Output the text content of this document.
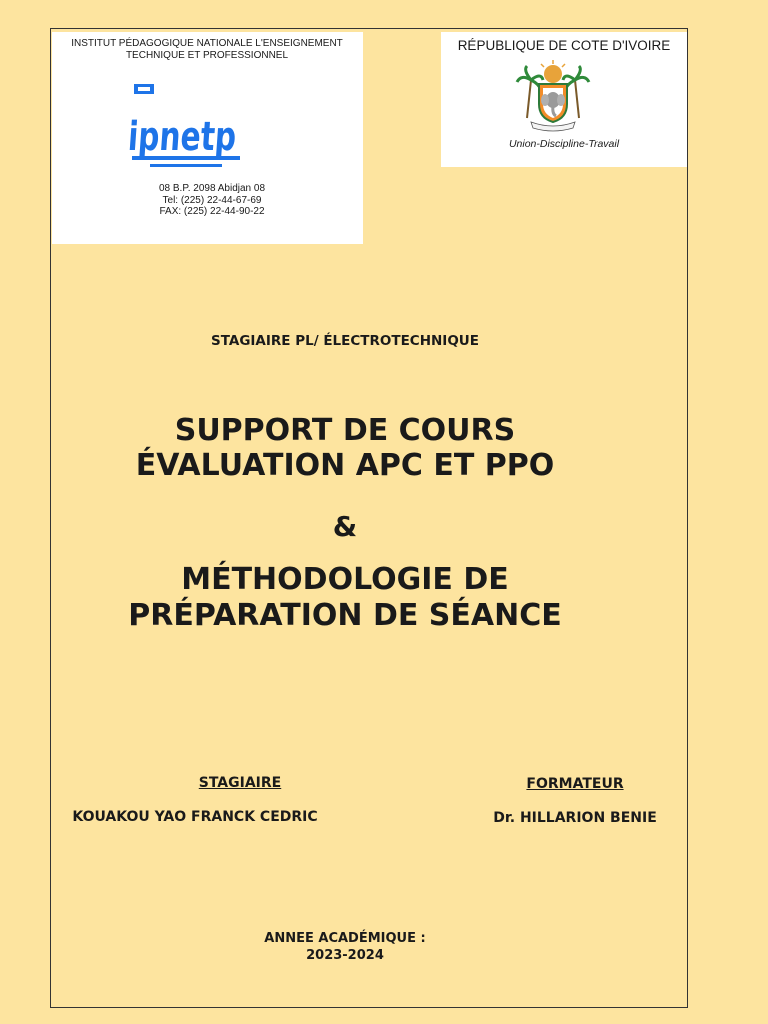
INSTITUT PÉDAGOGIQUE NATIONALE L'ENSEIGNEMENT
TECHNIQUE ET PROFESSIONNEL
ipnetp
08 B.P. 2098 Abidjan 08
Tel: (225) 22-44-67-69
FAX: (225) 22-44-90-22
RÉPUBLIQUE DE COTE D'IVOIRE
Union-Discipline-Travail
STAGIAIRE PL/ ÉLECTROTECHNIQUE
SUPPORT DE COURS
ÉVALUATION APC ET PPO
&
MÉTHODOLOGIE DE
PRÉPARATION DE SÉANCE
STAGIAIRE
KOUAKOU YAO FRANCK CEDRIC
FORMATEUR
Dr. HILLARION BENIE
ANNEE ACADÉMIQUE :
2023-2024
